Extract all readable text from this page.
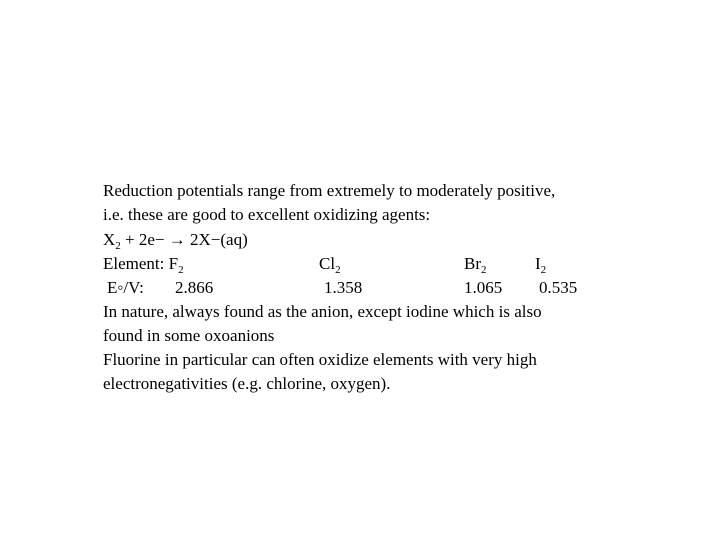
Reduction potentials range from extremely to moderately positive,
i.e. these are good to excellent oxidizing agents:
$X_2 + 2e- \to 2X-(aq)$
Element: $F_2$	$Cl_2$	$Br_2$	$I_2$
E◦/V: 2.866	1.358	1.065 0.535
In nature, always found as the anion, except iodine which is also
found in some oxoanions
Fluorine in particular can often oxidize elements with very high
electronegativities (e.g. chlorine, oxygen).
